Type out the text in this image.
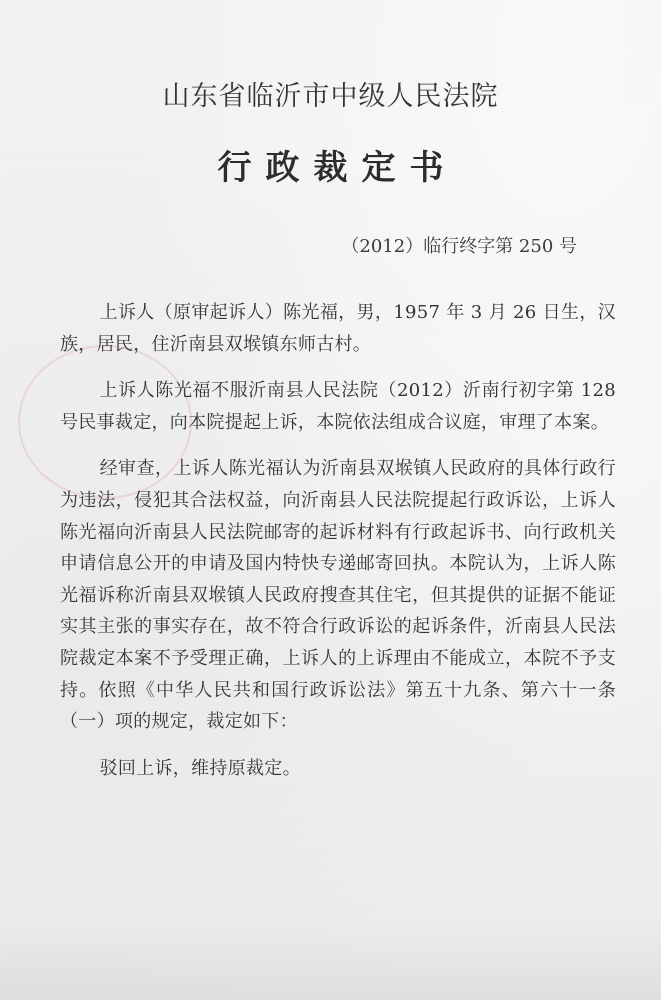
山东省临沂市中级人民法院
行政裁定书
（2012）临行终字第 250 号

上诉人（原审起诉人）陈光福，男，1957 年 3 月 26 日生，汉族，居民，住沂南县双堠镇东师古村。

上诉人陈光福不服沂南县人民法院（2012）沂南行初字第 128 号民事裁定，向本院提起上诉，本院依法组成合议庭，审理了本案。

经审查，上诉人陈光福认为沂南县双堠镇人民政府的具体行政行为违法，侵犯其合法权益，向沂南县人民法院提起行政诉讼，上诉人陈光福向沂南县人民法院邮寄的起诉材料有行政起诉书、向行政机关申请信息公开的申请及国内特快专递邮寄回执。本院认为，上诉人陈光福诉称沂南县双堠镇人民政府搜查其住宅，但其提供的证据不能证实其主张的事实存在，故不符合行政诉讼的起诉条件，沂南县人民法院裁定本案不予受理正确，上诉人的上诉理由不能成立，本院不予支持。依照《中华人民共和国行政诉讼法》第五十九条、第六十一条（一）项的规定，裁定如下：

驳回上诉，维持原裁定。
